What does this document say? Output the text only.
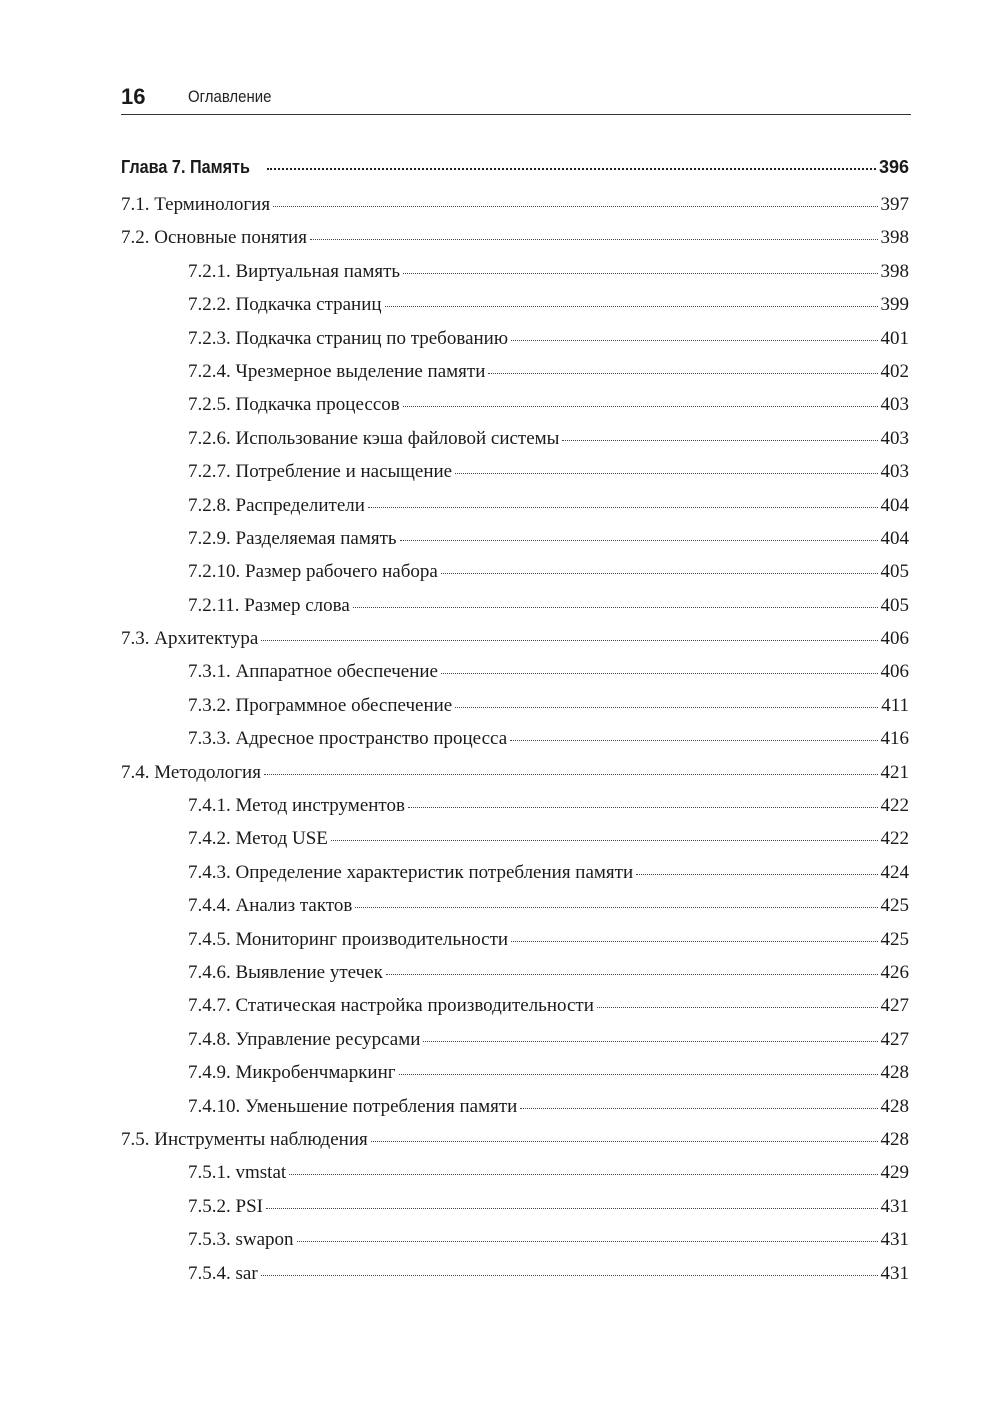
16	Оглавление
Глава 7. Память	396
7.1. Терминология	397
7.2. Основные понятия	398
7.2.1. Виртуальная память	398
7.2.2. Подкачка страниц	399
7.2.3. Подкачка страниц по требованию	401
7.2.4. Чрезмерное выделение памяти	402
7.2.5. Подкачка процессов	403
7.2.6. Использование кэша файловой системы	403
7.2.7. Потребление и насыщение	403
7.2.8. Распределители	404
7.2.9. Разделяемая память	404
7.2.10. Размер рабочего набора	405
7.2.11. Размер слова	405
7.3. Архитектура	406
7.3.1. Аппаратное обеспечение	406
7.3.2. Программное обеспечение	411
7.3.3. Адресное пространство процесса	416
7.4. Методология	421
7.4.1. Метод инструментов	422
7.4.2. Метод USE	422
7.4.3. Определение характеристик потребления памяти	424
7.4.4. Анализ тактов	425
7.4.5. Мониторинг производительности	425
7.4.6. Выявление утечек	426
7.4.7. Статическая настройка производительности	427
7.4.8. Управление ресурсами	427
7.4.9. Микробенчмаркинг	428
7.4.10. Уменьшение потребления памяти	428
7.5. Инструменты наблюдения	428
7.5.1. vmstat	429
7.5.2. PSI	431
7.5.3. swapon	431
7.5.4. sar	431
